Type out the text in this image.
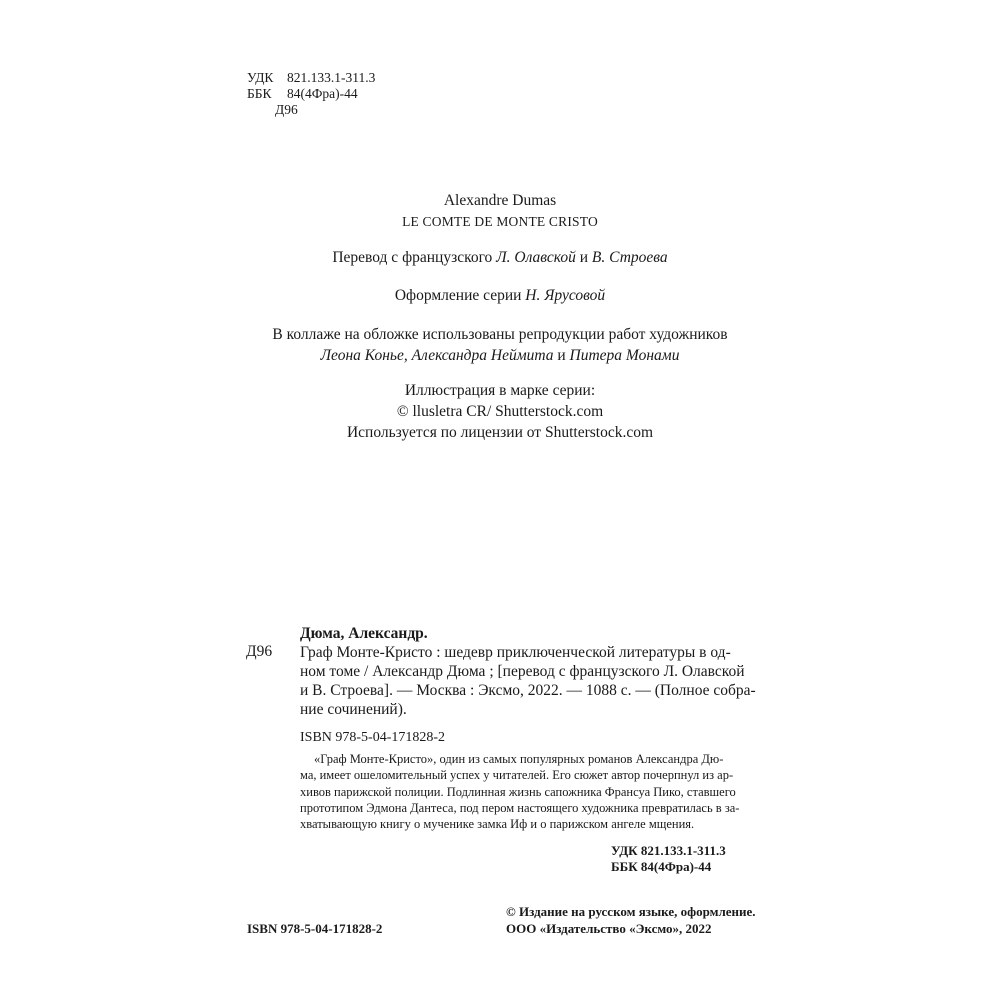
УДК 821.133.1-311.3
ББК 84(4Фра)-44
Д96
Alexandre Dumas
LE COMTE DE MONTE CRISTO
Перевод с французского Л. Олавской и В. Строева
Оформление серии Н. Ярусовой
В коллаже на обложке использованы репродукции работ художников
Леона Конье, Александра Неймита и Питера Монами
Иллюстрация в марке серии:
© llusletra CR/ Shutterstock.com
Используется по лицензии от Shutterstock.com
Д96
Дюма, Александр.
Граф Монте-Кристо : шедевр приключенческой литературы в од-
ном томе / Александр Дюма ; [перевод с французского Л. Олавской
и В. Строева]. — Москва : Эксмо, 2022. — 1088 с. — (Полное собра-
ние сочинений).
ISBN 978-5-04-171828-2
«Граф Монте-Кристо», один из самых популярных романов Александра Дю-
ма, имеет ошеломительный успех у читателей. Его сюжет автор почерпнул из ар-
хивов парижской полиции. Подлинная жизнь сапожника Франсуа Пико, ставшего
прототипом Эдмона Дантеса, под пером настоящего художника превратилась в за-
хватывающую книгу о мученике замка Иф и о парижском ангеле мщения.
УДК 821.133.1-311.3
ББК 84(4Фра)-44
ISBN 978-5-04-171828-2
© Издание на русском языке, оформление.
ООО «Издательство «Эксмо», 2022
